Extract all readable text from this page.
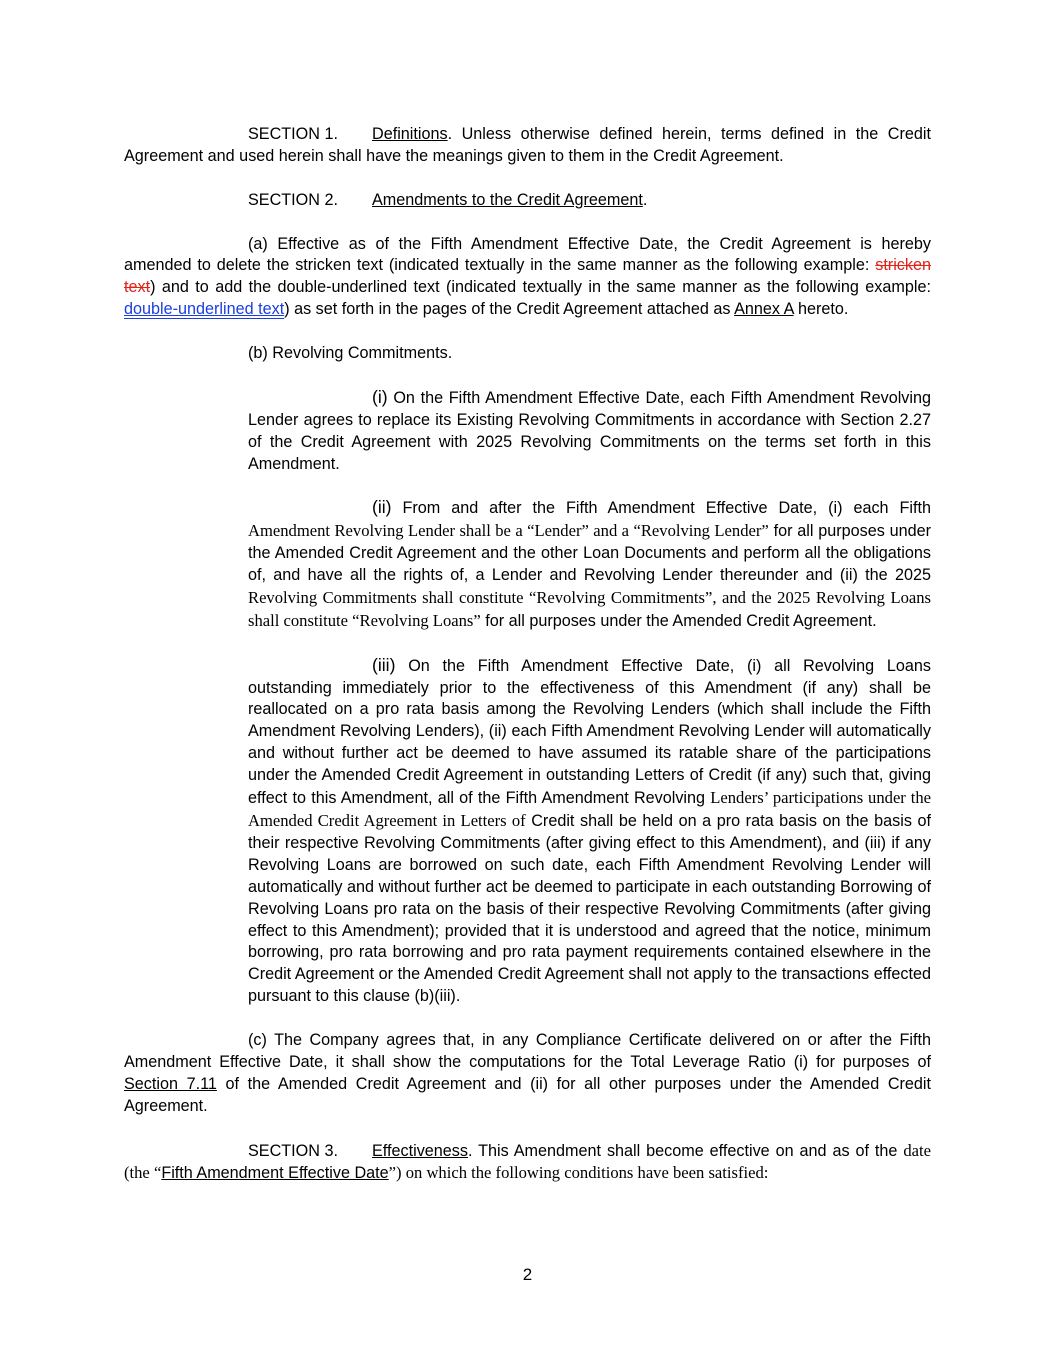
SECTION 1. Definitions. Unless otherwise defined herein, terms defined in the Credit Agreement and used herein shall have the meanings given to them in the Credit Agreement.

SECTION 2. Amendments to the Credit Agreement.

(a) Effective as of the Fifth Amendment Effective Date, the Credit Agreement is hereby amended to delete the stricken text (indicated textually in the same manner as the following example: stricken text) and to add the double-underlined text (indicated textually in the same manner as the following example: double-underlined text) as set forth in the pages of the Credit Agreement attached as Annex A hereto.

(b) Revolving Commitments.

(i) On the Fifth Amendment Effective Date, each Fifth Amendment Revolving Lender agrees to replace its Existing Revolving Commitments in accordance with Section 2.27 of the Credit Agreement with 2025 Revolving Commitments on the terms set forth in this Amendment.

(ii) From and after the Fifth Amendment Effective Date, (i) each Fifth Amendment Revolving Lender shall be a “Lender” and a “Revolving Lender” for all purposes under the Amended Credit Agreement and the other Loan Documents and perform all the obligations of, and have all the rights of, a Lender and Revolving Lender thereunder and (ii) the 2025 Revolving Commitments shall constitute “Revolving Commitments”, and the 2025 Revolving Loans shall constitute “Revolving Loans” for all purposes under the Amended Credit Agreement.

(iii) On the Fifth Amendment Effective Date, (i) all Revolving Loans outstanding immediately prior to the effectiveness of this Amendment (if any) shall be reallocated on a pro rata basis among the Revolving Lenders (which shall include the Fifth Amendment Revolving Lenders), (ii) each Fifth Amendment Revolving Lender will automatically and without further act be deemed to have assumed its ratable share of the participations under the Amended Credit Agreement in outstanding Letters of Credit (if any) such that, giving effect to this Amendment, all of the Fifth Amendment Revolving Lenders’ participations under the Amended Credit Agreement in Letters of Credit shall be held on a pro rata basis on the basis of their respective Revolving Commitments (after giving effect to this Amendment), and (iii) if any Revolving Loans are borrowed on such date, each Fifth Amendment Revolving Lender will automatically and without further act be deemed to participate in each outstanding Borrowing of Revolving Loans pro rata on the basis of their respective Revolving Commitments (after giving effect to this Amendment); provided that it is understood and agreed that the notice, minimum borrowing, pro rata borrowing and pro rata payment requirements contained elsewhere in the Credit Agreement or the Amended Credit Agreement shall not apply to the transactions effected pursuant to this clause (b)(iii).

(c) The Company agrees that, in any Compliance Certificate delivered on or after the Fifth Amendment Effective Date, it shall show the computations for the Total Leverage Ratio (i) for purposes of Section 7.11 of the Amended Credit Agreement and (ii) for all other purposes under the Amended Credit Agreement.

SECTION 3. Effectiveness. This Amendment shall become effective on and as of the date (the “Fifth Amendment Effective Date”) on which the following conditions have been satisfied:

2
